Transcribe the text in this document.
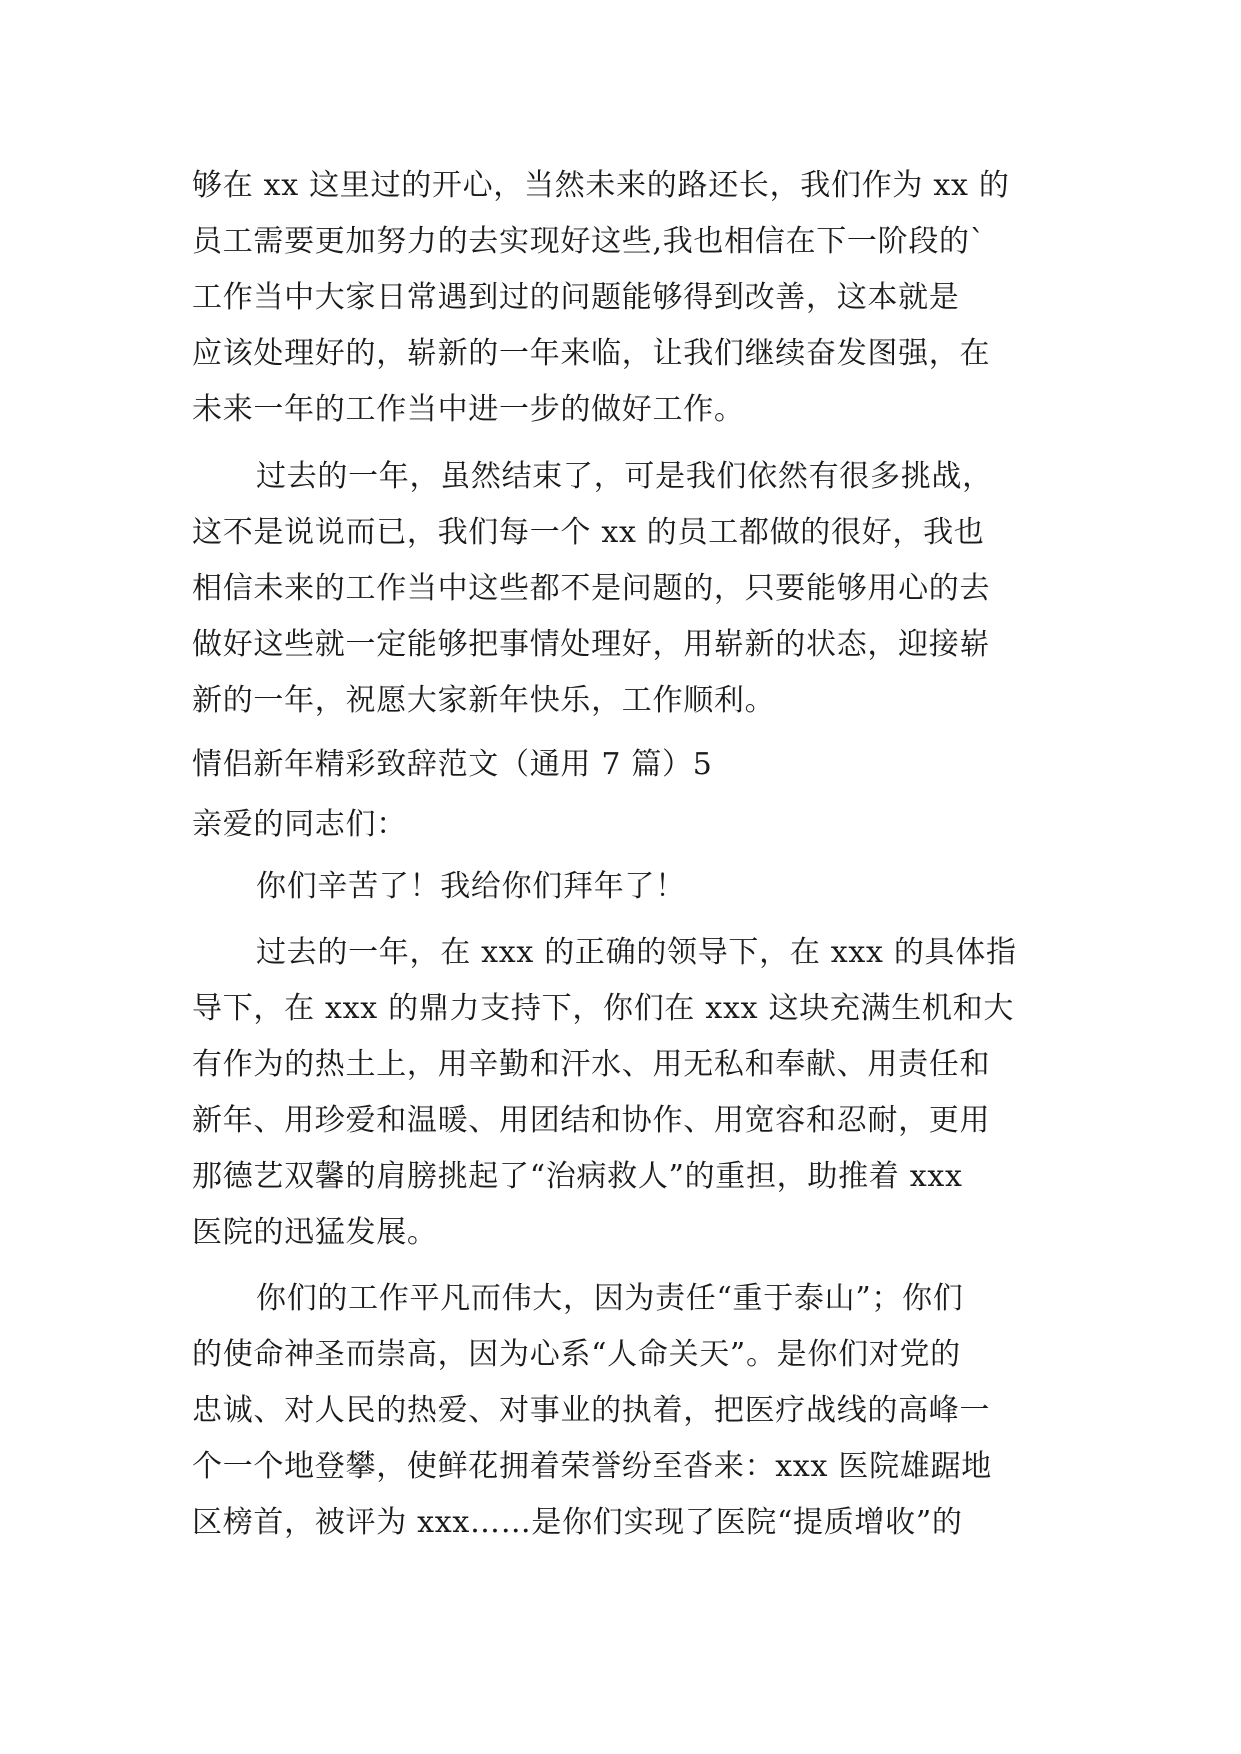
够在 xx 这里过的开心，当然未来的路还长，我们作为 xx 的
员工需要更加努力的去实现好这些,我也相信在下一阶段的`
工作当中大家日常遇到过的问题能够得到改善，这本就是
应该处理好的，崭新的一年来临，让我们继续奋发图强，在
未来一年的工作当中进一步的做好工作。
过去的一年，虽然结束了，可是我们依然有很多挑战，
这不是说说而已，我们每一个 xx 的员工都做的很好，我也
相信未来的工作当中这些都不是问题的，只要能够用心的去
做好这些就一定能够把事情处理好，用崭新的状态，迎接崭
新的一年，祝愿大家新年快乐，工作顺利。
情侣新年精彩致辞范文（通用 7 篇）5
亲爱的同志们：
你们辛苦了！我给你们拜年了！
过去的一年，在 xxx 的正确的领导下，在 xxx 的具体指
导下，在 xxx 的鼎力支持下，你们在 xxx 这块充满生机和大
有作为的热土上，用辛勤和汗水、用无私和奉献、用责任和
新年、用珍爱和温暖、用团结和协作、用宽容和忍耐，更用
那德艺双馨的肩膀挑起了“治病救人”的重担，助推着 xxx
医院的迅猛发展。
你们的工作平凡而伟大，因为责任“重于泰山”；你们
的使命神圣而崇高，因为心系“人命关天”。是你们对党的
忠诚、对人民的热爱、对事业的执着，把医疗战线的高峰一
个一个地登攀，使鲜花拥着荣誉纷至沓来：xxx 医院雄踞地
区榜首，被评为 xxx……是你们实现了医院“提质增收”的
